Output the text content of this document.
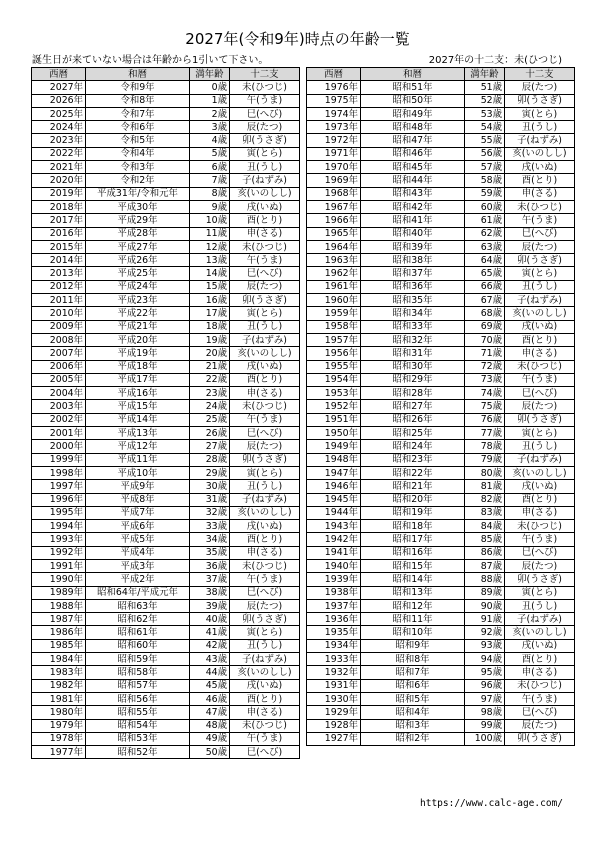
2027年(令和9年)時点の年齢一覧
誕生日が来ていない場合は年齢から1引いて下さい。	2027年の十二支：未(ひつじ)
西暦	和暦	満年齢	十二支
2027年	令和9年	0歳	未(ひつじ)
2026年	令和8年	1歳	午(うま)
2025年	令和7年	2歳	巳(へび)
2024年	令和6年	3歳	辰(たつ)
2023年	令和5年	4歳	卯(うさぎ)
2022年	令和4年	5歳	寅(とら)
2021年	令和3年	6歳	丑(うし)
2020年	令和2年	7歳	子(ねずみ)
2019年	平成31年/令和元年	8歳	亥(いのしし)
2018年	平成30年	9歳	戌(いぬ)
2017年	平成29年	10歳	酉(とり)
2016年	平成28年	11歳	申(さる)
2015年	平成27年	12歳	未(ひつじ)
2014年	平成26年	13歳	午(うま)
2013年	平成25年	14歳	巳(へび)
2012年	平成24年	15歳	辰(たつ)
2011年	平成23年	16歳	卯(うさぎ)
2010年	平成22年	17歳	寅(とら)
2009年	平成21年	18歳	丑(うし)
2008年	平成20年	19歳	子(ねずみ)
2007年	平成19年	20歳	亥(いのしし)
2006年	平成18年	21歳	戌(いぬ)
2005年	平成17年	22歳	酉(とり)
2004年	平成16年	23歳	申(さる)
2003年	平成15年	24歳	未(ひつじ)
2002年	平成14年	25歳	午(うま)
2001年	平成13年	26歳	巳(へび)
2000年	平成12年	27歳	辰(たつ)
1999年	平成11年	28歳	卯(うさぎ)
1998年	平成10年	29歳	寅(とら)
1997年	平成9年	30歳	丑(うし)
1996年	平成8年	31歳	子(ねずみ)
1995年	平成7年	32歳	亥(いのしし)
1994年	平成6年	33歳	戌(いぬ)
1993年	平成5年	34歳	酉(とり)
1992年	平成4年	35歳	申(さる)
1991年	平成3年	36歳	未(ひつじ)
1990年	平成2年	37歳	午(うま)
1989年	昭和64年/平成元年	38歳	巳(へび)
1988年	昭和63年	39歳	辰(たつ)
1987年	昭和62年	40歳	卯(うさぎ)
1986年	昭和61年	41歳	寅(とら)
1985年	昭和60年	42歳	丑(うし)
1984年	昭和59年	43歳	子(ねずみ)
1983年	昭和58年	44歳	亥(いのしし)
1982年	昭和57年	45歳	戌(いぬ)
1981年	昭和56年	46歳	酉(とり)
1980年	昭和55年	47歳	申(さる)
1979年	昭和54年	48歳	未(ひつじ)
1978年	昭和53年	49歳	午(うま)
1977年	昭和52年	50歳	巳(へび)
西暦	和暦	満年齢	十二支
1976年	昭和51年	51歳	辰(たつ)
1975年	昭和50年	52歳	卯(うさぎ)
1974年	昭和49年	53歳	寅(とら)
1973年	昭和48年	54歳	丑(うし)
1972年	昭和47年	55歳	子(ねずみ)
1971年	昭和46年	56歳	亥(いのしし)
1970年	昭和45年	57歳	戌(いぬ)
1969年	昭和44年	58歳	酉(とり)
1968年	昭和43年	59歳	申(さる)
1967年	昭和42年	60歳	未(ひつじ)
1966年	昭和41年	61歳	午(うま)
1965年	昭和40年	62歳	巳(へび)
1964年	昭和39年	63歳	辰(たつ)
1963年	昭和38年	64歳	卯(うさぎ)
1962年	昭和37年	65歳	寅(とら)
1961年	昭和36年	66歳	丑(うし)
1960年	昭和35年	67歳	子(ねずみ)
1959年	昭和34年	68歳	亥(いのしし)
1958年	昭和33年	69歳	戌(いぬ)
1957年	昭和32年	70歳	酉(とり)
1956年	昭和31年	71歳	申(さる)
1955年	昭和30年	72歳	未(ひつじ)
1954年	昭和29年	73歳	午(うま)
1953年	昭和28年	74歳	巳(へび)
1952年	昭和27年	75歳	辰(たつ)
1951年	昭和26年	76歳	卯(うさぎ)
1950年	昭和25年	77歳	寅(とら)
1949年	昭和24年	78歳	丑(うし)
1948年	昭和23年	79歳	子(ねずみ)
1947年	昭和22年	80歳	亥(いのしし)
1946年	昭和21年	81歳	戌(いぬ)
1945年	昭和20年	82歳	酉(とり)
1944年	昭和19年	83歳	申(さる)
1943年	昭和18年	84歳	未(ひつじ)
1942年	昭和17年	85歳	午(うま)
1941年	昭和16年	86歳	巳(へび)
1940年	昭和15年	87歳	辰(たつ)
1939年	昭和14年	88歳	卯(うさぎ)
1938年	昭和13年	89歳	寅(とら)
1937年	昭和12年	90歳	丑(うし)
1936年	昭和11年	91歳	子(ねずみ)
1935年	昭和10年	92歳	亥(いのしし)
1934年	昭和9年	93歳	戌(いぬ)
1933年	昭和8年	94歳	酉(とり)
1932年	昭和7年	95歳	申(さる)
1931年	昭和6年	96歳	未(ひつじ)
1930年	昭和5年	97歳	午(うま)
1929年	昭和4年	98歳	巳(へび)
1928年	昭和3年	99歳	辰(たつ)
1927年	昭和2年	100歳	卯(うさぎ)
https://www.calc-age.com/
